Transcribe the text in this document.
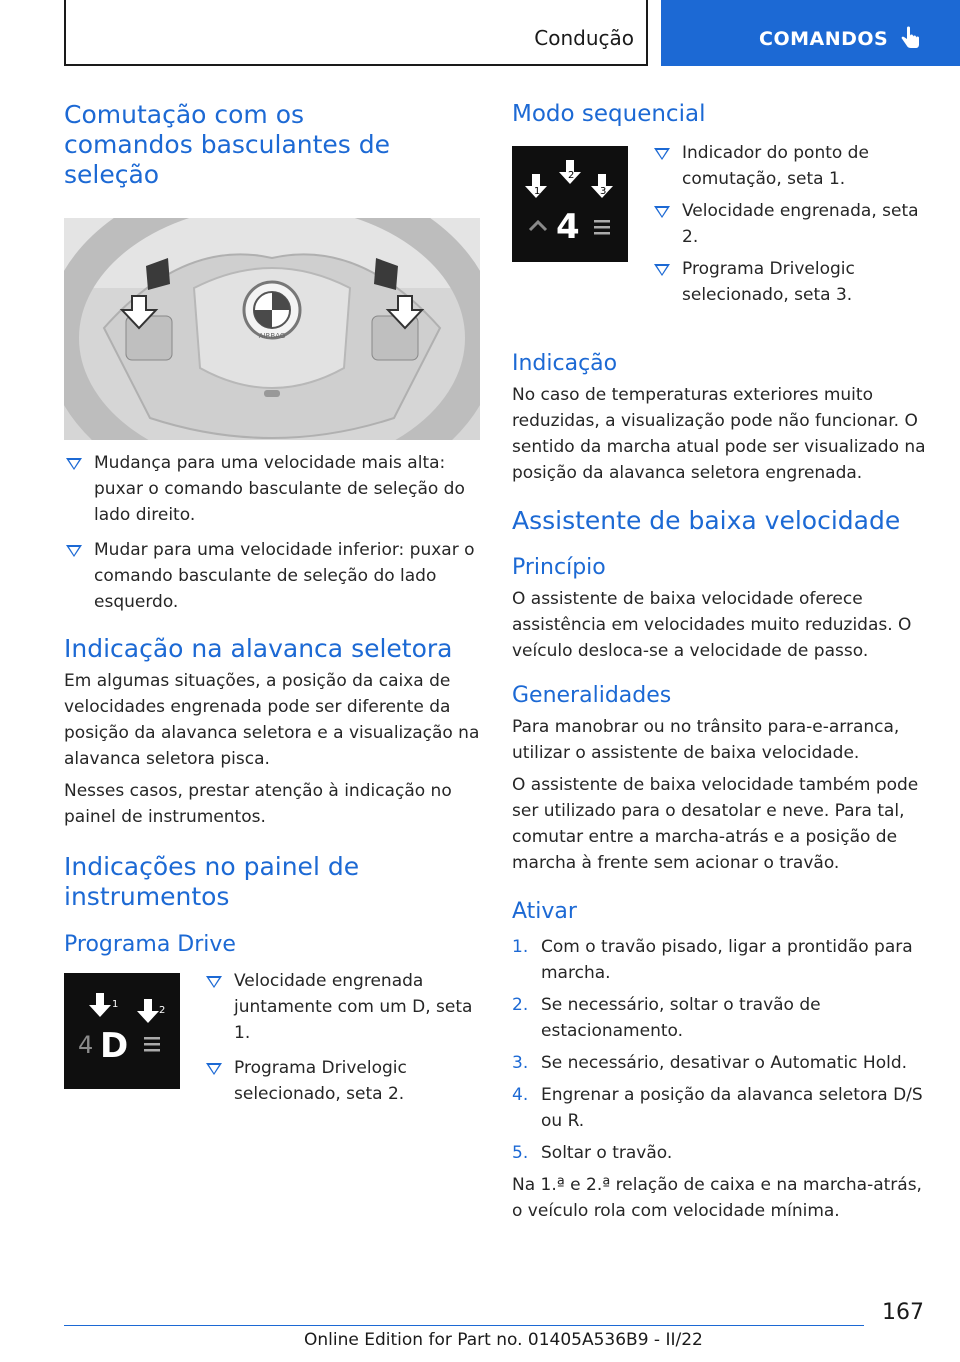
Condução	COMANDOS
Comutação com os comandos basculantes de seleção
AIRBAG
Mudança para uma velocidade mais alta: puxar o comando basculante de seleção do lado direito.
Mudar para uma velocidade inferior: puxar o comando basculante de seleção do lado esquerdo.
Indicação na alavanca seletora

Em algumas situações, a posição da caixa de velocidades engrenada pode ser diferente da posição da alavanca seletora e a visualização na alavanca seletora pisca.

Nesses casos, prestar atenção à indicação no painel de instrumentos.

Indicações no painel de instrumentos
Programa Drive
1
2
4 D
Velocidade engrenada juntamente com um D, seta 1.
Programa Drivelogic selecionado, seta 2.
Modo sequencial
1
2
3
4
Indicador do ponto de comutação, seta 1.
Velocidade engrenada, seta 2.
Programa Drivelogic selecionado, seta 3.
Indicação

No caso de temperaturas exteriores muito reduzidas, a visualização pode não funcionar. O sentido da marcha atual pode ser visualizado na posição da alavanca seletora engrenada.

Assistente de baixa velocidade
Princípio

O assistente de baixa velocidade oferece assistência em velocidades muito reduzidas. O veículo desloca-se a velocidade de passo.

Generalidades

Para manobrar ou no trânsito para-e-arranca, utilizar o assistente de baixa velocidade.

O assistente de baixa velocidade também pode ser utilizado para o desatolar e neve. Para tal, comutar entre a marcha-atrás e a posição de marcha à frente sem acionar o travão.

Ativar
1. Com o travão pisado, ligar a prontidão para marcha.
2. Se necessário, soltar o travão de estacionamento.
3. Se necessário, desativar o Automatic Hold.
4. Engrenar a posição da alavanca seletora D/S ou R.
5. Soltar o travão.

Na 1.ª e 2.ª relação de caixa e na marcha-atrás, o veículo rola com velocidade mínima.

167
Online Edition for Part no. 01405A536B9 - II/22
